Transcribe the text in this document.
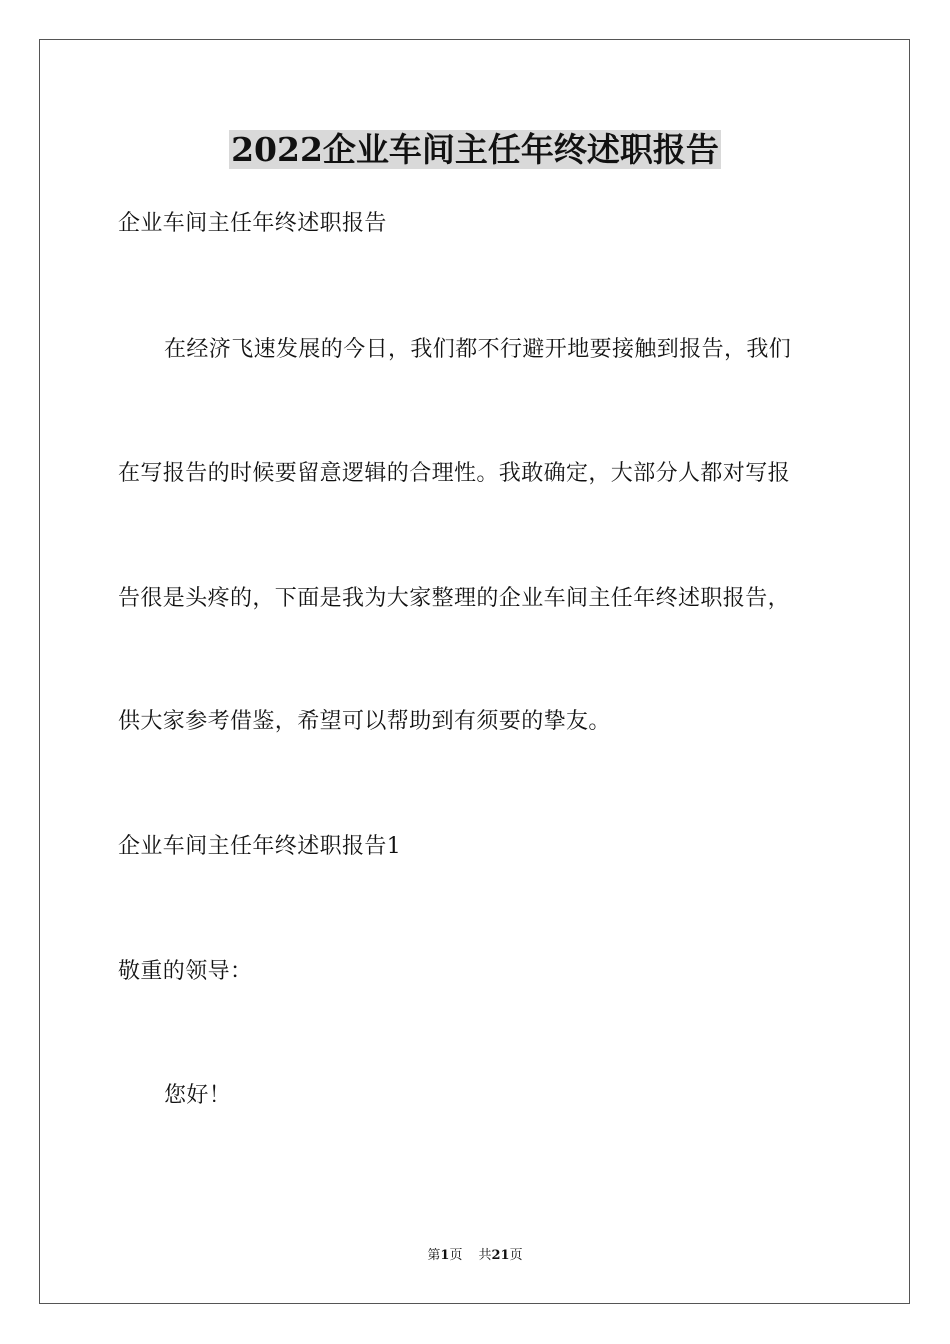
2022企业车间主任年终述职报告
企业车间主任年终述职报告
在经济飞速发展的今日，我们都不行避开地要接触到报告，我们
在写报告的时候要留意逻辑的合理性。我敢确定，大部分人都对写报
告很是头疼的，下面是我为大家整理的企业车间主任年终述职报告，
供大家参考借鉴，希望可以帮助到有须要的挚友。
企业车间主任年终述职报告1
敬重的领导：
您好！
第1页 共21页
